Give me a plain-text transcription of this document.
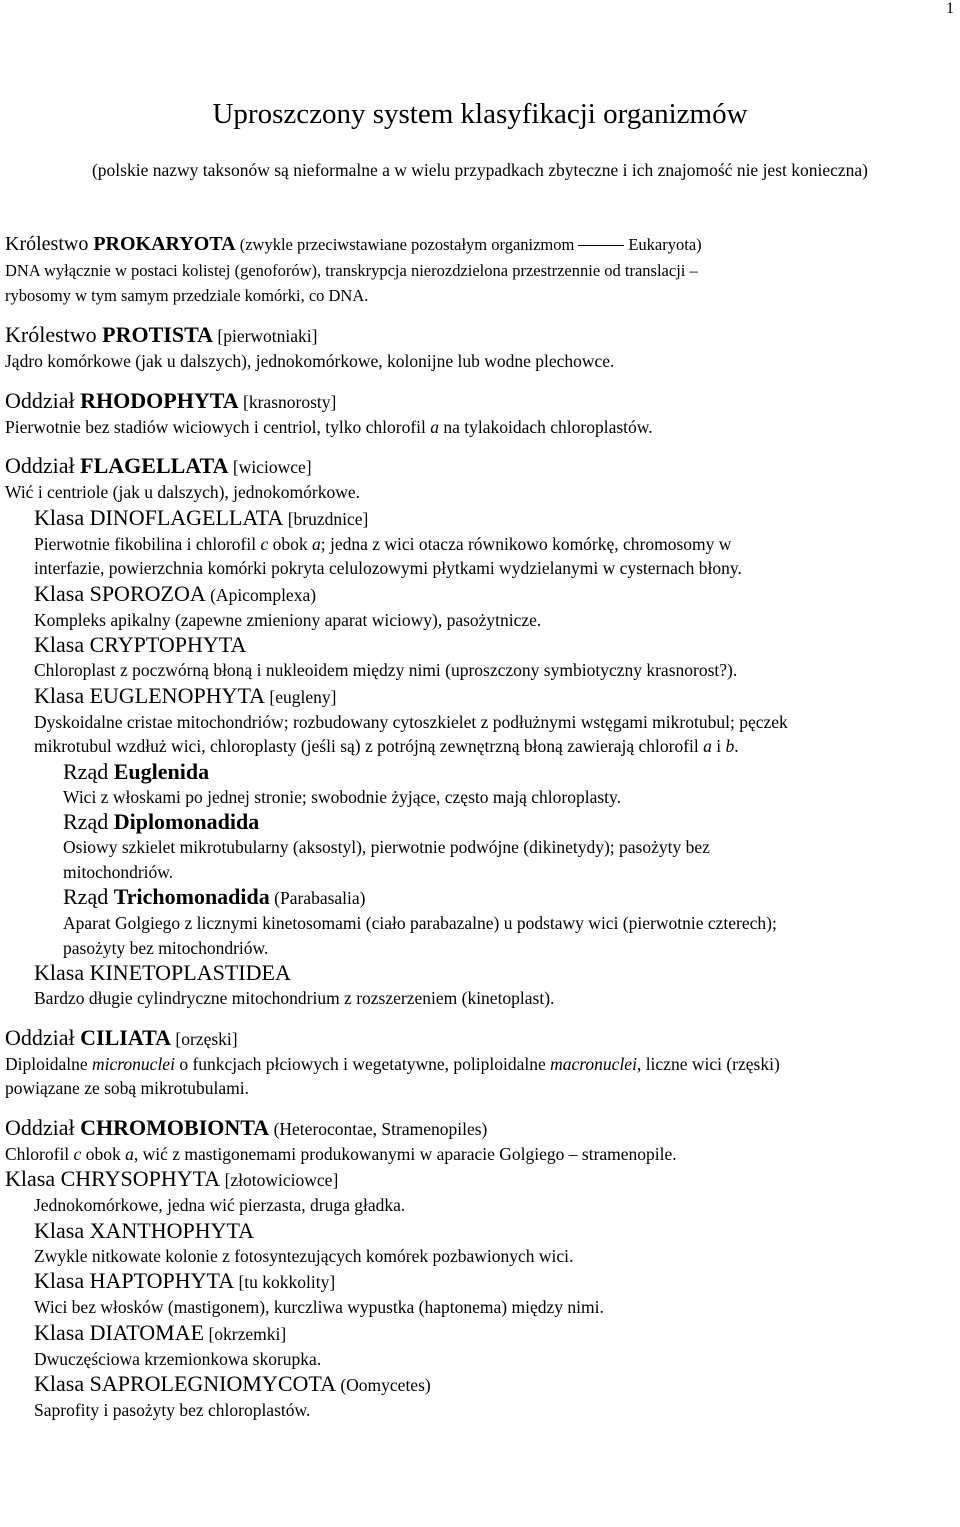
1
Uproszczony system klasyfikacji organizmów
(polskie nazwy taksonów są nieformalne a w wielu przypadkach zbyteczne i ich znajomość nie jest konieczna)
Królestwo PROKARYOTA (zwykle przeciwstawiane pozostałym organizmom	Eukaryota)
DNA wyłącznie w postaci kolistej (genoforów), transkrypcja nierozdzielona przestrzennie od translacji –
rybosomy w tym samym przedziale komórki, co DNA.
Królestwo PROTISTA [pierwotniaki]
Jądro komórkowe (jak u dalszych), jednokomórkowe, kolonijne lub wodne plechowce.
Oddział RHODOPHYTA [krasnorosty]
Pierwotnie bez stadiów wiciowych i centriol, tylko chlorofil a na tylakoidach chloroplastów.
Oddział FLAGELLATA [wiciowce]
Wić i centriole (jak u dalszych), jednokomórkowe.
Klasa DINOFLAGELLATA [bruzdnice]
Pierwotnie fikobilina i chlorofil c obok a; jedna z wici otacza równikowo komórkę, chromosomy w
interfazie, powierzchnia komórki pokryta celulozowymi płytkami wydzielanymi w cysternach błony.
Klasa SPOROZOA (Apicomplexa)
Kompleks apikalny (zapewne zmieniony aparat wiciowy), pasożytnicze.
Klasa CRYPTOPHYTA
Chloroplast z poczwórną błoną i nukleoidem między nimi (uproszczony symbiotyczny krasnorost?).
Klasa EUGLENOPHYTA [eugleny]
Dyskoidalne cristae mitochondriów; rozbudowany cytoszkielet z podłużnymi wstęgami mikrotubul; pęczek
mikrotubul wzdłuż wici, chloroplasty (jeśli są) z potrójną zewnętrzną błoną zawierają chlorofil a i b.
Rząd Euglenida
Wici z włoskami po jednej stronie; swobodnie żyjące, często mają chloroplasty.
Rząd Diplomonadida
Osiowy szkielet mikrotubularny (aksostyl), pierwotnie podwójne (dikinetydy); pasożyty bez
mitochondriów.
Rząd Trichomonadida (Parabasalia)
Aparat Golgiego z licznymi kinetosomami (ciało parabazalne) u podstawy wici (pierwotnie czterech);
pasożyty bez mitochondriów.
Klasa KINETOPLASTIDEA
Bardzo długie cylindryczne mitochondrium z rozszerzeniem (kinetoplast).
Oddział CILIATA [orzęski]
Diploidalne micronuclei o funkcjach płciowych i wegetatywne, poliploidalne macronuclei, liczne wici (rzęski)
powiązane ze sobą mikrotubulami.
Oddział CHROMOBIONTA (Heterocontae, Stramenopiles)
Chlorofil c obok a, wić z mastigonemami produkowanymi w aparacie Golgiego – stramenopile.
Klasa CHRYSOPHYTA [złotowiciowce]
Jednokomórkowe, jedna wić pierzasta, druga gładka.
Klasa XANTHOPHYTA
Zwykle nitkowate kolonie z fotosyntezujących komórek pozbawionych wici.
Klasa HAPTOPHYTA [tu kokkolity]
Wici bez włosków (mastigonem), kurczliwa wypustka (haptonema) między nimi.
Klasa DIATOMAE [okrzemki]
Dwuczęściowa krzemionkowa skorupka.
Klasa SAPROLEGNIOMYCOTA (Oomycetes)
Saprofity i pasożyty bez chloroplastów.
